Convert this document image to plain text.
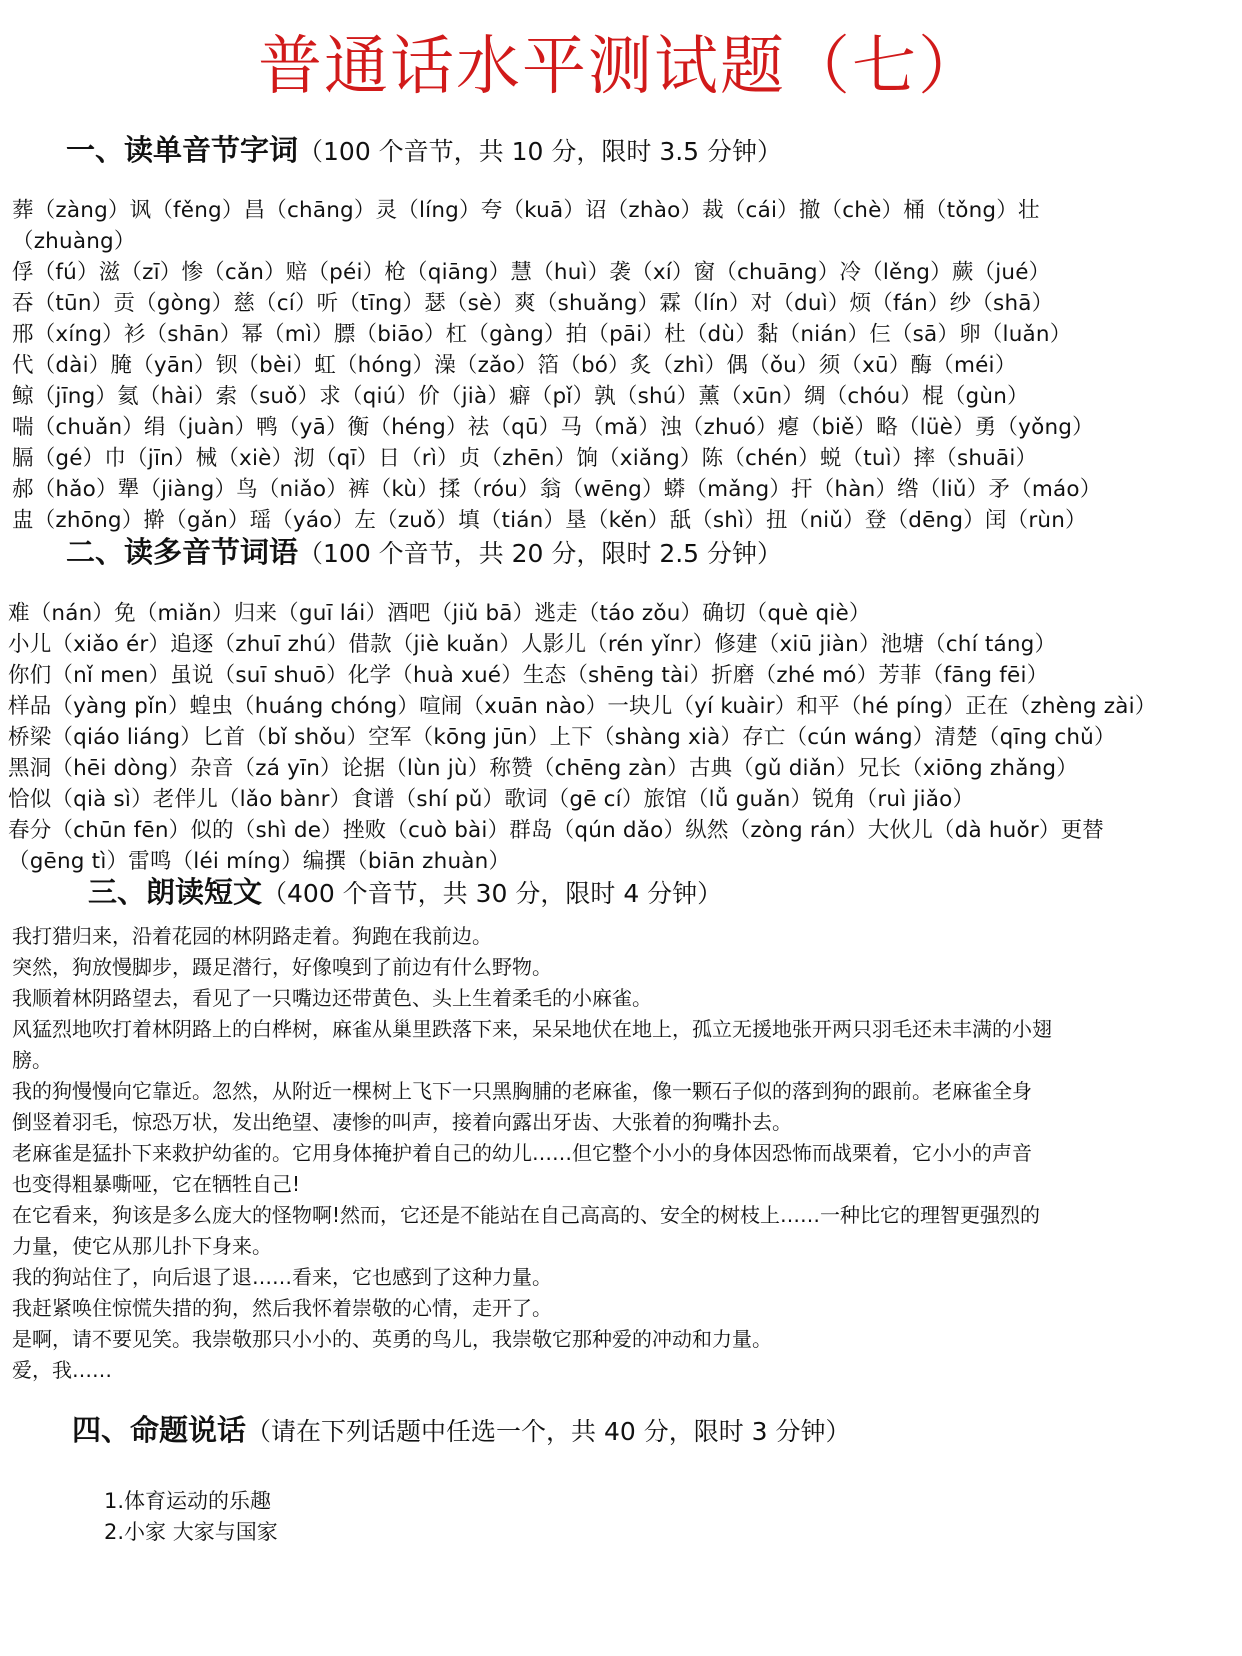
普通话水平测试题（七）
一、读单音节字词（100 个音节，共 10 分，限时 3.5 分钟）
葬（zàng）讽（fěng）昌（chāng）灵（líng）夸（kuā）诏（zhào）裁（cái）撤（chè）桶（tǒng）壮
（zhuàng）
俘（fú）滋（zī）惨（cǎn）赔（péi）枪（qiāng）慧（huì）袭（xí）窗（chuāng）冷（lěng）蕨（jué）
吞（tūn）贡（gòng）慈（cí）听（tīng）瑟（sè）爽（shuǎng）霖（lín）对（duì）烦（fán）纱（shā）
邢（xíng）衫（shān）幂（mì）膘（biāo）杠（gàng）拍（pāi）杜（dù）黏（nián）仨（sā）卵（luǎn）
代（dài）腌（yān）钡（bèi）虹（hóng）澡（zǎo）箔（bó）炙（zhì）偶（ǒu）须（xū）酶（méi）
鲸（jīng）氦（hài）索（suǒ）求（qiú）价（jià）癖（pǐ）孰（shú）薰（xūn）绸（chóu）棍（gùn）
喘（chuǎn）绢（juàn）鸭（yā）衡（héng）祛（qū）马（mǎ）浊（zhuó）瘪（biě）略（lüè）勇（yǒng）
膈（gé）巾（jīn）械（xiè）沏（qī）日（rì）贞（zhēn）饷（xiǎng）陈（chén）蜕（tuì）摔（shuāi）
郝（hǎo）犟（jiàng）鸟（niǎo）裤（kù）揉（róu）翁（wēng）蟒（mǎng）扞（hàn）绺（liǔ）矛（máo）
盅（zhōng）擀（gǎn）瑶（yáo）左（zuǒ）填（tián）垦（kěn）舐（shì）扭（niǔ）登（dēng）闰（rùn）
二、读多音节词语（100 个音节，共 20 分，限时 2.5 分钟）
难（nán）免（miǎn）归来（guī lái）酒吧（jiǔ bā）逃走（táo zǒu）确切（què qiè）
小儿（xiǎo ér）追逐（zhuī zhú）借款（jiè kuǎn）人影儿（rén yǐnr）修建（xiū jiàn）池塘（chí táng）
你们（nǐ men）虽说（suī shuō）化学（huà xué）生态（shēng tài）折磨（zhé mó）芳菲（fāng fēi）
样品（yàng pǐn）蝗虫（huáng chóng）喧闹（xuān nào）一块儿（yí kuàir）和平（hé píng）正在（zhèng zài）
桥梁（qiáo liáng）匕首（bǐ shǒu）空军（kōng jūn）上下（shàng xià）存亡（cún wáng）清楚（qīng chǔ）
黑洞（hēi dòng）杂音（zá yīn）论据（lùn jù）称赞（chēng zàn）古典（gǔ diǎn）兄长（xiōng zhǎng）
恰似（qià sì）老伴儿（lǎo bànr）食谱（shí pǔ）歌词（gē cí）旅馆（lǚ guǎn）锐角（ruì jiǎo）
春分（chūn fēn）似的（shì de）挫败（cuò bài）群岛（qún dǎo）纵然（zòng rán）大伙儿（dà huǒr）更替
（gēng tì）雷鸣（léi míng）编撰（biān zhuàn）
三、朗读短文（400 个音节，共 30 分，限时 4 分钟）
我打猎归来，沿着花园的林阴路走着。狗跑在我前边。
突然，狗放慢脚步，蹑足潜行，好像嗅到了前边有什么野物。
我顺着林阴路望去，看见了一只嘴边还带黄色、头上生着柔毛的小麻雀。
风猛烈地吹打着林阴路上的白桦树，麻雀从巢里跌落下来，呆呆地伏在地上，孤立无援地张开两只羽毛还未丰满的小翅
膀。
我的狗慢慢向它靠近。忽然，从附近一棵树上飞下一只黑胸脯的老麻雀，像一颗石子似的落到狗的跟前。老麻雀全身
倒竖着羽毛，惊恐万状，发出绝望、凄惨的叫声，接着向露出牙齿、大张着的狗嘴扑去。
老麻雀是猛扑下来救护幼雀的。它用身体掩护着自己的幼儿……但它整个小小的身体因恐怖而战栗着，它小小的声音
也变得粗暴嘶哑，它在牺牲自己!
在它看来，狗该是多么庞大的怪物啊!然而，它还是不能站在自己高高的、安全的树枝上……一种比它的理智更强烈的
力量，使它从那儿扑下身来。
我的狗站住了，向后退了退……看来，它也感到了这种力量。
我赶紧唤住惊慌失措的狗，然后我怀着崇敬的心情，走开了。
是啊，请不要见笑。我崇敬那只小小的、英勇的鸟儿，我崇敬它那种爱的冲动和力量。
爱，我……
四、命题说话（请在下列话题中任选一个，共 40 分，限时 3 分钟）
1.体育运动的乐趣
2.小家 大家与国家
